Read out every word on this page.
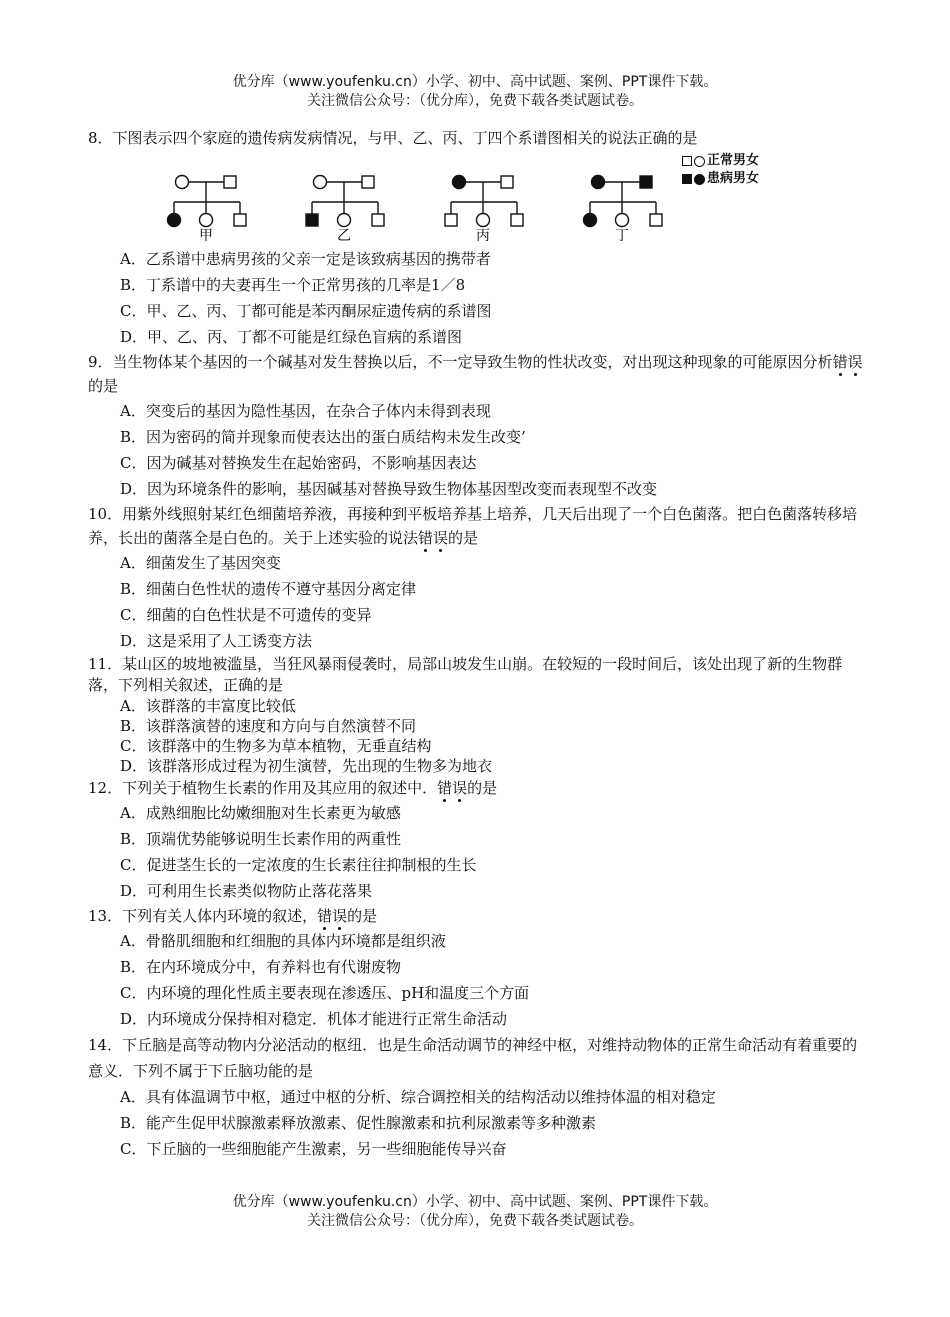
优分库（www.youfenku.cn）小学、初中、高中试题、案例、PPT课件下载。
关注微信公众号：（优分库），免费下载各类试题试卷。

8．下图表示四个家庭的遗传病发病情况，与甲、乙、丙、丁四个系谱图相关的说法正确的是

甲	乙	丙	丁
正常男女
患病男女

A．乙系谱中患病男孩的父亲一定是该致病基因的携带者

B．丁系谱中的夫妻再生一个正常男孩的几率是1／8

C．甲、乙、丙、丁都可能是苯丙酮尿症遗传病的系谱图

D．甲、乙、丙、丁都不可能是红绿色盲病的系谱图

9．当生物体某个基因的一个碱基对发生替换以后，不一定导致生物的性状改变，对出现这种现象的可能原因分析错误的是

A．突变后的基因为隐性基因，在杂合子体内未得到表现

B．因为密码的简并现象而使表达出的蛋白质结构未发生改变’

C．因为碱基对替换发生在起始密码，不影响基因表达

D．因为环境条件的影响，基因碱基对替换导致生物体基因型改变而表现型不改变

10．用紫外线照射某红色细菌培养液，再接种到平板培养基上培养，几天后出现了一个白色菌落。把白色菌落转移培养，长出的菌落全是白色的。关于上述实验的说法错误的是

A．细菌发生了基因突变

B．细菌白色性状的遗传不遵守基因分离定律

C．细菌的白色性状是不可遗传的变异

D．这是采用了人工诱变方法

11．某山区的坡地被滥垦，当狂风暴雨侵袭时，局部山坡发生山崩。在较短的一段时间后，该处出现了新的生物群落，下列相关叙述，正确的是

A．该群落的丰富度比较低

B．该群落演替的速度和方向与自然演替不同

C．该群落中的生物多为草本植物，无垂直结构

D．该群落形成过程为初生演替，先出现的生物多为地衣

12．下列关于植物生长素的作用及其应用的叙述中．错误的是

A．成熟细胞比幼嫩细胞对生长素更为敏感

B．顶端优势能够说明生长素作用的两重性

C．促进茎生长的一定浓度的生长素往往抑制根的生长

D．可利用生长素类似物防止落花落果

13．下列有关人体内环境的叙述，错误的是

A．骨骼肌细胞和红细胞的具体内环境都是组织液

B．在内环境成分中，有养料也有代谢废物

C．内环境的理化性质主要表现在渗透压、pH和温度三个方面

D．内环境成分保持相对稳定．机体才能进行正常生命活动

14．下丘脑是高等动物内分泌活动的枢纽．也是生命活动调节的神经中枢，对维持动物体的正常生命活动有着重要的意义．下列不属于下丘脑功能的是

A．具有体温调节中枢，通过中枢的分析、综合调控相关的结构活动以维持体温的相对稳定

B．能产生促甲状腺激素释放激素、促性腺激素和抗利尿激素等多种激素

C．下丘脑的一些细胞能产生激素，另一些细胞能传导兴奋

优分库（www.youfenku.cn）小学、初中、高中试题、案例、PPT课件下载。
关注微信公众号：（优分库），免费下载各类试题试卷。
